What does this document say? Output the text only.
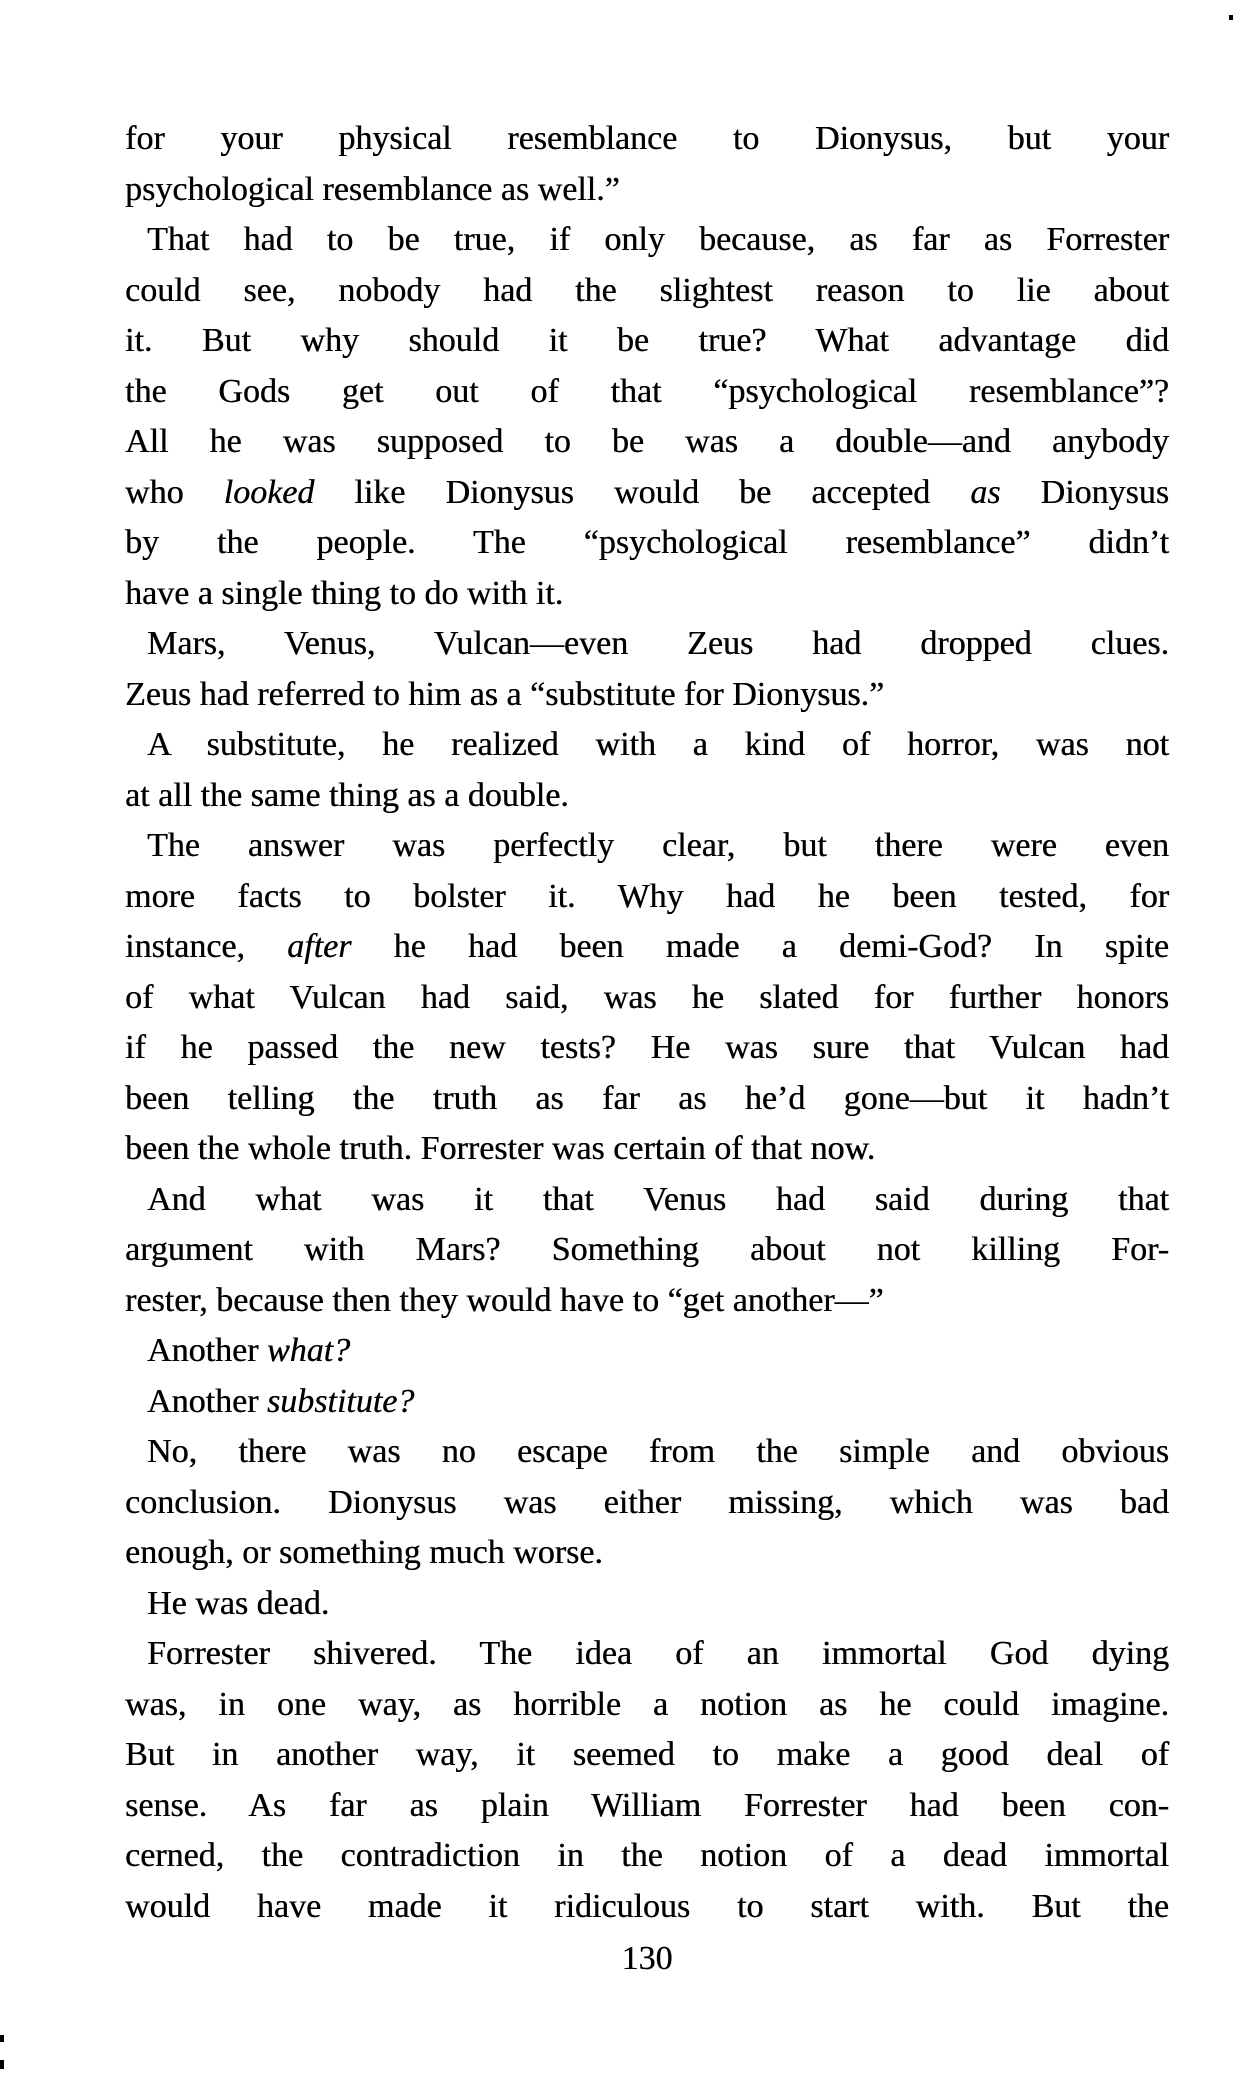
for your physical resemblance to Dionysus, but your
psychological resemblance as well.”
That had to be true, if only because, as far as Forrester
could see, nobody had the slightest reason to lie about
it. But why should it be true? What advantage did
the Gods get out of that “psychological resemblance”?
All he was supposed to be was a double—and anybody
who looked like Dionysus would be accepted as Dionysus
by the people. The “psychological resemblance” didn’t
have a single thing to do with it.
Mars, Venus, Vulcan—even Zeus had dropped clues.
Zeus had referred to him as a “substitute for Dionysus.”
A substitute, he realized with a kind of horror, was not
at all the same thing as a double.
The answer was perfectly clear, but there were even
more facts to bolster it. Why had he been tested, for
instance, after he had been made a demi-God? In spite
of what Vulcan had said, was he slated for further honors
if he passed the new tests? He was sure that Vulcan had
been telling the truth as far as he’d gone—but it hadn’t
been the whole truth. Forrester was certain of that now.
And what was it that Venus had said during that
argument with Mars? Something about not killing For-
rester, because then they would have to “get another—”
Another what?
Another substitute?
No, there was no escape from the simple and obvious
conclusion. Dionysus was either missing, which was bad
enough, or something much worse.
He was dead.
Forrester shivered. The idea of an immortal God dying
was, in one way, as horrible a notion as he could imagine.
But in another way, it seemed to make a good deal of
sense. As far as plain William Forrester had been con-
cerned, the contradiction in the notion of a dead immortal
would have made it ridiculous to start with. But the
130
